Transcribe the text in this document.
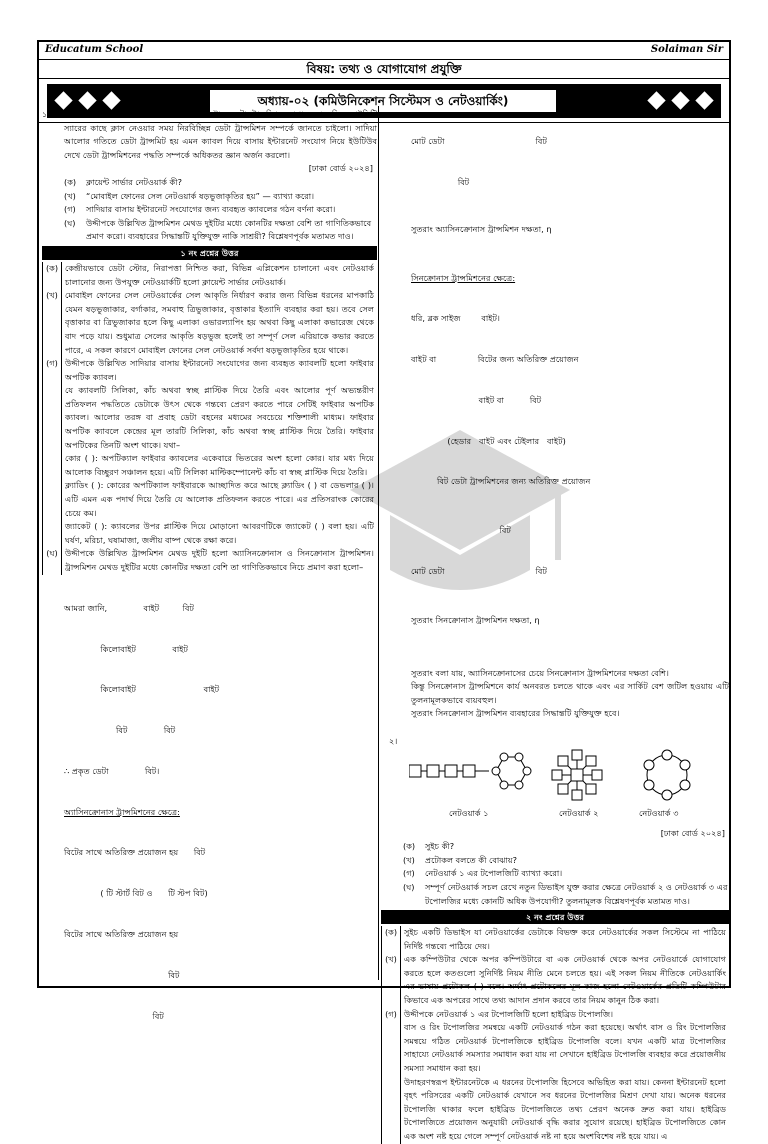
Educatum School	Solaiman Sir
বিষয়: তথ্য ও যোগাযোগ প্রযুক্তি
অধ্যায়-০২ (কমিউনিকেশন সিস্টেমস ও নেটওয়ার্কিং)
১।	আইসিটি শিক্ষক ক্লাসে ক্যারেক্টার বাই ক্যারেক্টার ডেটা ট্রান্সমিশন শেখাচ্ছেন। মনির আইসিটি স্যারের কাছে ক্লাস নেওয়ার সময় নিরবিচ্ছিন্ন ডেটা ট্রান্সমিশন সম্পর্কে জানতে চাইলো। সাদিয়া আলোর গতিতে ডেটা ট্রান্সমিট হয় এমন ক্যাবল দিয়ে বাসায় ইন্টারনেট সংযোগ নিয়ে ইউটিউব দেখে ডেটা ট্রান্সমিশনের পদ্ধতি সম্পর্কে অধিকতর জ্ঞান অর্জন করলো।
[ঢাকা বোর্ড ২০২৪]
(ক)	ক্লায়েন্ট সার্ভার নেটওয়ার্ক কী?
(খ)	“মোবাইল ফোনের সেল নেটওয়ার্ক ষড়ভুজাকৃতির হয়” — ব্যাখ্যা করো।
(গ)	সাদিয়ার বাসায় ইন্টারনেট সংযোগের জন্য ব্যবহৃত ক্যাবলের গঠন বর্ণনা করো।
(ঘ)	উদ্দীপকে উল্লিখিত ট্রান্সমিশন মেথড দুইটির মধ্যে কোনটির দক্ষতা বেশি তা গাণিতিকভাবে প্রমাণ করো। ব্যবহারের সিদ্ধান্তটি যুক্তিযুক্ত নাকি সাশ্রয়ী? বিশ্লেষণপূর্বক মতামত দাও।
১ নং প্রশ্নের উত্তর
(ক) কেন্দ্রীয়ভাবে ডেটা স্টোর, নিরাপত্তা নিশ্চিত করা, বিভিন্ন এপ্লিকেশন চালানো এবং নেটওয়ার্ক চালানোর জন্য উপযুক্ত নেটওয়ার্কটি হলো ক্লায়েন্ট সার্ভার নেটওয়ার্ক।
(খ) মোবাইল ফোনের সেল নেটওয়ার্কের সেল আকৃতি নির্ধারণ করার জন্য বিভিন্ন ধরনের মাপকাঠি যেমন ষড়ভুজাকার, বর্গাকার, সমবাহু ত্রিভুজাকার, বৃত্তাকার ইত্যাদি ব্যবহার করা হয়। তবে সেল বৃত্তাকার বা ত্রিভুজাকার হলে কিছু এলাকা ওভারল্যাপিং হয় অথবা কিছু এলাকা কভারেজ থেকে বাদ পড়ে যায়। শুধুমাত্র সেলের আকৃতি ষড়ভুজ হলেই তা সম্পূর্ণ সেল এরিয়াকে কভার করতে পারে, এ সকল কারণে মোবাইল ফোনের সেল নেটওয়ার্ক সর্বদা ষড়ভুজাকৃতির হয়ে থাকে।
(গ) উদ্দীপকে উল্লিখিত সাদিয়ার বাসায় ইন্টারনেট সংযোগের জন্য ব্যবহৃত ক্যাবলটি হলো ফাইবার অপটিক ক্যাবল।
যে ক্যাবলটি সিলিকা, কাঁচ অথবা স্বচ্ছ প্লাস্টিক দিয়ে তৈরি এবং আলোর পূর্ণ অভ্যন্তরীণ প্রতিফলন পদ্ধতিতে ডেটাকে উৎস থেকে গন্তব্যে প্রেরণ করতে পারে সেটিই ফাইবার অপটিক ক্যাবল। আলোর তরঙ্গ বা প্রবাহ ডেটা বহনের মধ্যমের সবচেয়ে শক্তিশালী মাধ্যম। ফাইবার অপটিক ক্যাবলে কেন্দ্রের মূল তারটি সিলিকা, কাঁচ অথবা স্বচ্ছ প্লাস্টিক দিয়ে তৈরি। ফাইবার অপটিকের তিনটি অংশ থাকে। যথা–
কোর ( ): অপটিক্যাল ফাইবার ক্যাবলের একেবারে ভিতরের অংশ হলো কোর। যার মধ্য দিয়ে আলোক বিচ্ছুরণ সঞ্চালন হয়ে। এটি সিলিকা মাল্টিকম্পোনেন্ট কাঁচ বা স্বচ্ছ প্লাস্টিক দিয়ে তৈরি।
ক্ল্যাডিং ( ): কোরের অপটিক্যাল ফাইবারকে আচ্ছাদিত করে আছে ক্ল্যাডিং ( ) বা ডেভলার ( )। এটি এমন এক পদার্থ দিয়ে তৈরি যে আলোক প্রতিফলন করতে পারে। এর প্রতিসরাংক কোরের চেয়ে কম।
জ্যাকেট ( ): ক্যাবলের উপর প্লাস্টিক দিয়ে মোড়ানো আবরণটিকে জ্যাকেট ( ) বলা হয়। এটি ঘর্ষণ, মরিচা, ঘষামাজা, জলীয় বাষ্প থেকে রক্ষা করে।
(ঘ) উদ্দীপকে উল্লিখিত ট্রান্সমিশন মেথড দুইটি হলো অ্যাসিনক্রোনাস ও সিনক্রোনাস ট্রান্সমিশন। ট্রান্সমিশন মেথড দুইটির মধ্যে কোনটির দক্ষতা বেশি তা গাণিতিকভাবে নিচে প্রমাণ করা হলো–

আমরা জানি,              বাইট         বিট

কিলোবাইট              বাইট

কিলোবাইট                          বাইট

বিট              বিট

∴ প্রকৃত ডেটা              বিট।

অ্যাসিনক্রোনাস ট্রান্সমিশনের ক্ষেত্রে:

বিটের সাথে অতিরিক্ত প্রয়োজন হয়      বিট

( টি স্টার্ট বিট ও      টি স্টপ বিট)

বিটের সাথে অতিরিক্ত প্রয়োজন হয়

বিট

বিট

মোট ডেটা                                   বিট

বিট

সুতরাং অ্যাসিনক্রোনাস ট্রান্সমিশন দক্ষতা, η

সিনক্রোনাস ট্রান্সমিশনের ক্ষেত্রে:

ধরি, ব্লক সাইজ        বাইট।

বাইট বা                বিটের জন্য অতিরিক্ত প্রয়োজন

বাইট বা          বিট

(হেডার   বাইট এবং টেইলার   বাইট)

বিট ডেটা ট্রান্সমিশনের জন্য অতিরিক্ত প্রয়োজন

বিট

মোট ডেটা                                   বিট

সুতরাং সিনক্রোনাস ট্রান্সমিশন দক্ষতা, η

সুতরাং বলা যায়, অ্যাসিনক্রোনাসের চেয়ে সিনক্রোনাস ট্রান্সমিশনের দক্ষতা বেশি।
কিন্তু সিনক্রোনাস ট্রান্সমিশনে কার্য অনবরত চলতে থাকে এবং এর সার্কিট বেশ জটিল হওয়ায় এটি তুলনামূলকভাবে ব্যয়বহুল।
সুতরাং সিনক্রোনাস ট্রান্সমিশন ব্যবহারের সিদ্ধান্তটি যুক্তিযুক্ত হবে।
২।
নেটওয়ার্ক ১	নেটওয়ার্ক ২	নেটওয়ার্ক ৩
[ঢাকা বোর্ড ২০২৪]
(ক)	সুইচ কী?
(খ)	প্রটোকল বলতে কী বোঝায়?
(গ)	নেটওয়ার্ক ১ এর টপোলজিটি ব্যাখ্যা করো।
(ঘ)	সম্পূর্ণ নেটওয়ার্ক সচল রেখে নতুন ডিভাইস যুক্ত করার ক্ষেত্রে নেটওয়ার্ক ২ ও নেটওয়ার্ক ৩ এর টপোলজির মধ্যে কোনটি অধিক উপযোগী? তুলনামূলক বিশ্লেষণপূর্বক মতামত দাও।
২ নং প্রশ্নের উত্তর
(ক) সুইচ একটি ডিভাইস যা নেটওয়ার্কের ডেটাকে বিভক্ত করে নেটওয়ার্কের সকল সিস্টেমে না পাঠিয়ে নির্দিষ্ট গন্তব্যে পাঠিয়ে দেয়।
(খ) এক কম্পিউটার থেকে অপর কম্পিউটারে বা এক নেটওয়ার্ক থেকে অপর নেটওয়ার্কে যোগাযোগ করতে হলে কতগুলো সুনির্দিষ্ট নিয়ম নীতি মেনে চলতে হয়। এই সকল নিয়ম নীতিকে নেটওয়ার্কিং এর ভাষায় প্রটোকল ( ) বলে। অর্থাৎ প্রটোকলের মূল কাজ হলো নেটওয়ার্কের প্রতিটি কম্পিউটার কিভাবে এক অপরের সাথে তথ্য আদান প্রদান করবে তার নিয়ম কানুন ঠিক করা।
(গ) উদ্দীপকে নেটওয়ার্ক ১ এর টপোলজিটি হলো হাইব্রিড টপোলজি।
বাস ও রিং টপোলজির সমন্বয়ে একটি নেটওয়ার্ক গঠন করা হয়েছে। অর্থাৎ বাস ও রিং টপোলজির সমন্বয়ে গঠিত নেটওয়ার্ক টপোলজিকে হাইব্রিড টপোলজি বলে। যখন একটি মাত্র টপোলজির সাহায্যে নেটওয়ার্ক সমস্যার সমাধান করা যায় না সেখানে হাইব্রিড টপোলজি ব্যবহার করে প্রয়োজনীয় সমস্যা সমাধান করা হয়।
উদাহরণস্বরূপ ইন্টারনেটকে এ ধরনের টপোলজি হিসেবে অভিহিত করা যায়। কেননা ইন্টারনেট হলো বৃহৎ পরিসরের একটি নেটওয়ার্ক যেখানে সব ধরনের টপোলজির মিশ্রণ দেখা যায়। অনেক ধরনের টপোলজি থাকার ফলে হাইব্রিড টপোলজিতে তথ্য প্রেরণ অনেক দ্রুত করা যায়। হাইব্রিড টপোলজিতে প্রয়োজন অনুযায়ী নেটওয়ার্ক বৃদ্ধি করার সুযোগ রয়েছে। হাইব্রিড টপোলজিতে কোন এক অংশ নষ্ট হয়ে গেলে সম্পূর্ণ নেটওয়ার্ক নষ্ট না হয়ে অংশবিশেষ নষ্ট হয়ে যায়। এ
